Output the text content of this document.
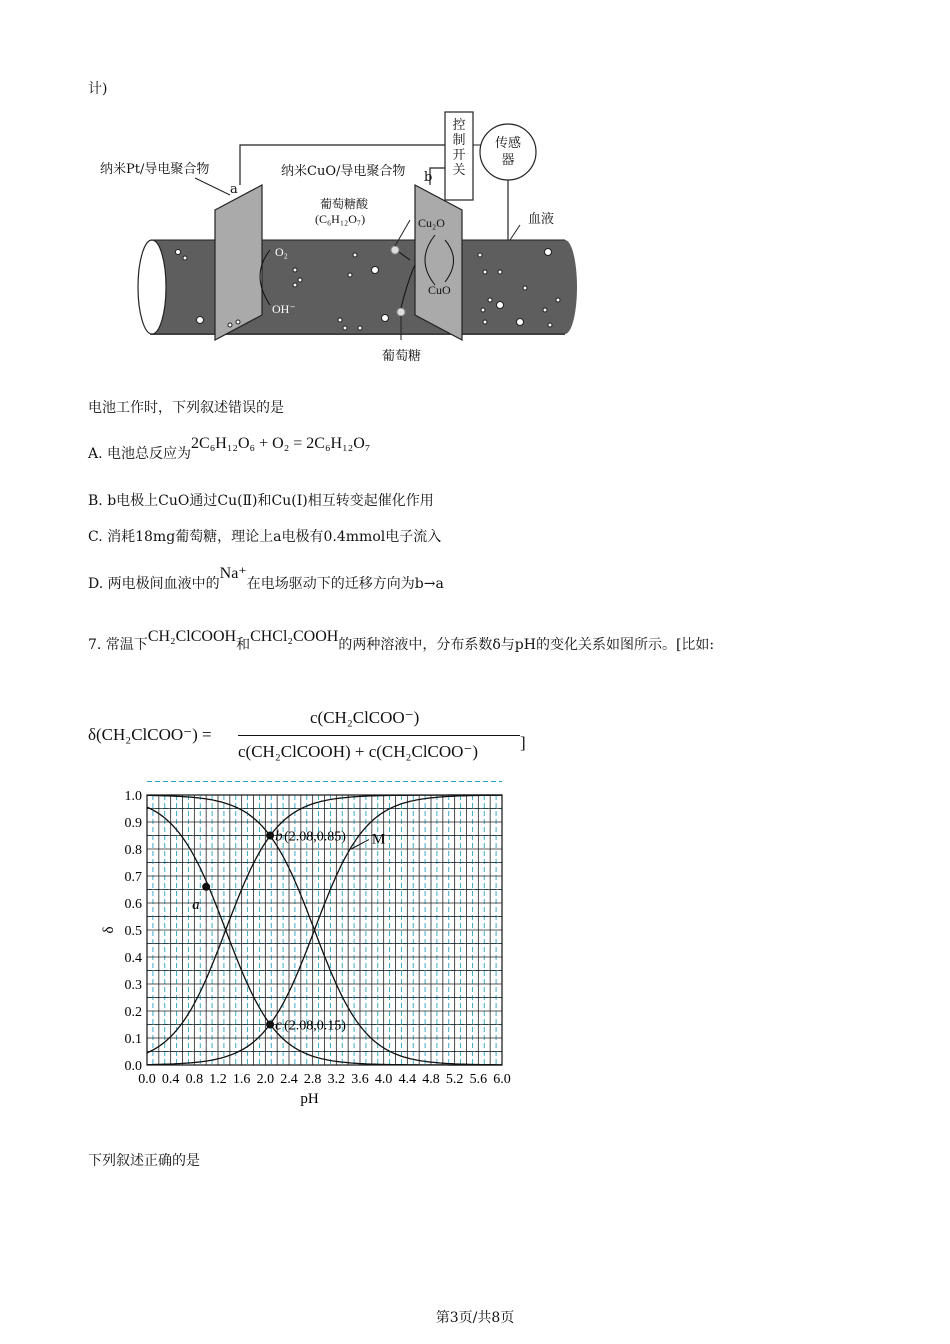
计)
纳米Pt/导电聚合物
a
纳米CuO/导电聚合物 b
控
制
开
关
传感
器
血液
葡萄糖酸
(C₆H₁₂O₇)	Cu₂O
CuO
O₂
OH⁻
葡萄糖
电池工作时，下列叙述错误的是
A. 电池总反应为2C₆H₁₂O₆ + O₂ = 2C₆H₁₂O₇
B. b电极上CuO通过Cu(Ⅱ)和Cu(Ⅰ)相互转变起催化作用
C. 消耗18mg葡萄糖，理论上a电极有0.4mmol电子流入
D. 两电极间血液中的Na⁺在电场驱动下的迁移方向为b→a
7. 常温下CH₂ClCOOH和CHCl₂COOH的两种溶液中，分布系数δ与pH的变化关系如图所示。[比如:
δ(CH₂ClCOO⁻) =
c(CH₂ClCOO⁻)
c(CH₂ClCOOH) + c(CH₂ClCOO⁻) ]
0.0 0.4 0.8 1.2 1.6 2.0 2.4 2.8 3.2 3.6 4.0 4.4 4.8 5.2 5.6 6.0
0.0
0.1
0.2
0.3
0.4
0.5
0.6
0.7
0.8
0.9
1.0
pH
δ
a
b (2.08,0.85)
c (2.08,0.15)
M
下列叙述正确的是
第3页/共8页
